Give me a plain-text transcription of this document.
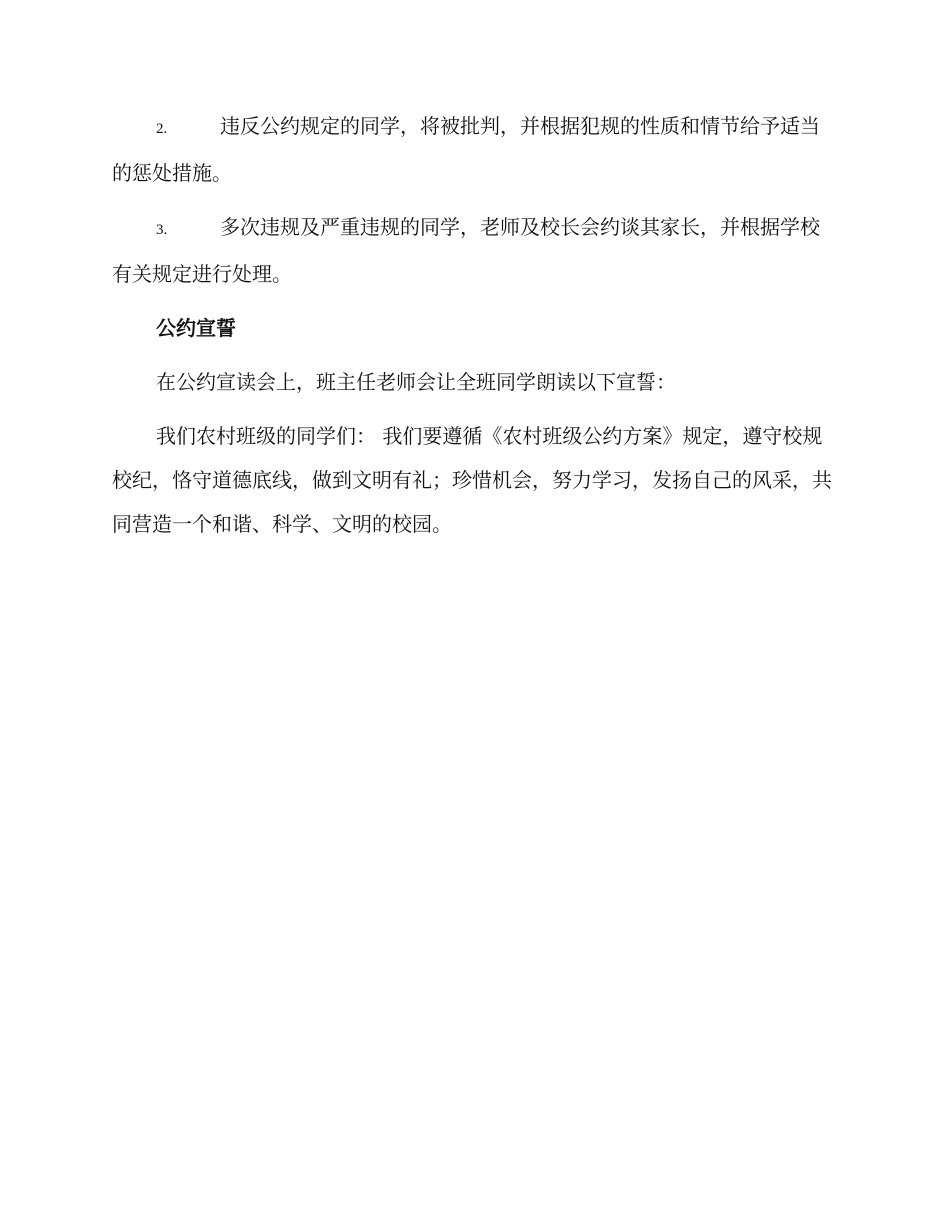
2.	违反公约规定的同学，将被批判，并根据犯规的性质和情节给予适当的惩处措施。

3.	多次违规及严重违规的同学，老师及校长会约谈其家长，并根据学校有关规定进行处理。

公约宣誓

在公约宣读会上，班主任老师会让全班同学朗读以下宣誓：

我们农村班级的同学们： 我们要遵循《农村班级公约方案》规定，遵守校规校纪，恪守道德底线，做到文明有礼；珍惜机会，努力学习，发扬自己的风采，共同营造一个和谐、科学、文明的校园。
